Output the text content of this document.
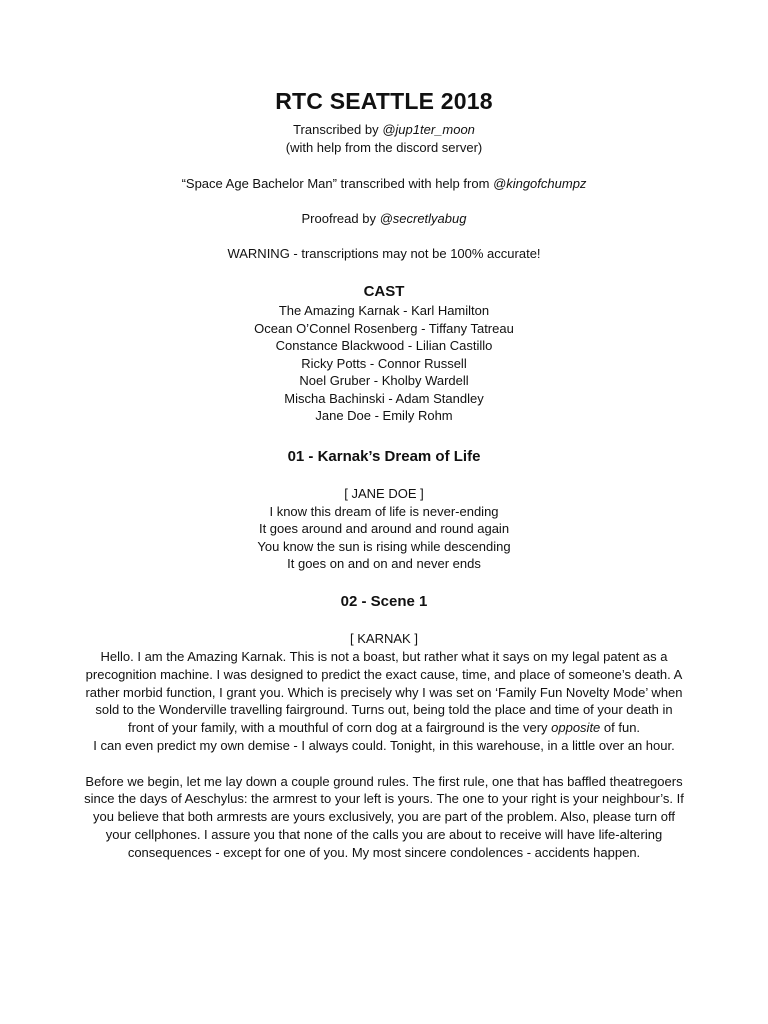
RTC SEATTLE 2018

Transcribed by @jup1ter_moon

(with help from the discord server)

“Space Age Bachelor Man” transcribed with help from @kingofchumpz

Proofread by @secretlyabug

WARNING - transcriptions may not be 100% accurate!

CAST

The Amazing Karnak - Karl Hamilton

Ocean O’Connel Rosenberg - Tiffany Tatreau

Constance Blackwood - Lilian Castillo

Ricky Potts - Connor Russell

Noel Gruber - Kholby Wardell

Mischa Bachinski - Adam Standley

Jane Doe - Emily Rohm

01 - Karnak’s Dream of Life

[ JANE DOE ]

I know this dream of life is never-ending

It goes around and around and round again

You know the sun is rising while descending

It goes on and on and never ends

02 - Scene 1

[ KARNAK ]

Hello. I am the Amazing Karnak. This is not a boast, but rather what it says on my legal patent as a precognition machine. I was designed to predict the exact cause, time, and place of someone’s death. A rather morbid function, I grant you. Which is precisely why I was set on ‘Family Fun Novelty Mode’ when sold to the Wonderville travelling fairground. Turns out, being told the place and time of your death in front of your family, with a mouthful of corn dog at a fairground is the very opposite of fun.

I can even predict my own demise - I always could. Tonight, in this warehouse, in a little over an hour.

Before we begin, let me lay down a couple ground rules. The first rule, one that has baffled theatregoers since the days of Aeschylus: the armrest to your left is yours. The one to your right is your neighbour’s. If you believe that both armrests are yours exclusively, you are part of the problem. Also, please turn off your cellphones. I assure you that none of the calls you are about to receive will have life-altering consequences - except for one of you. My most sincere condolences - accidents happen.
